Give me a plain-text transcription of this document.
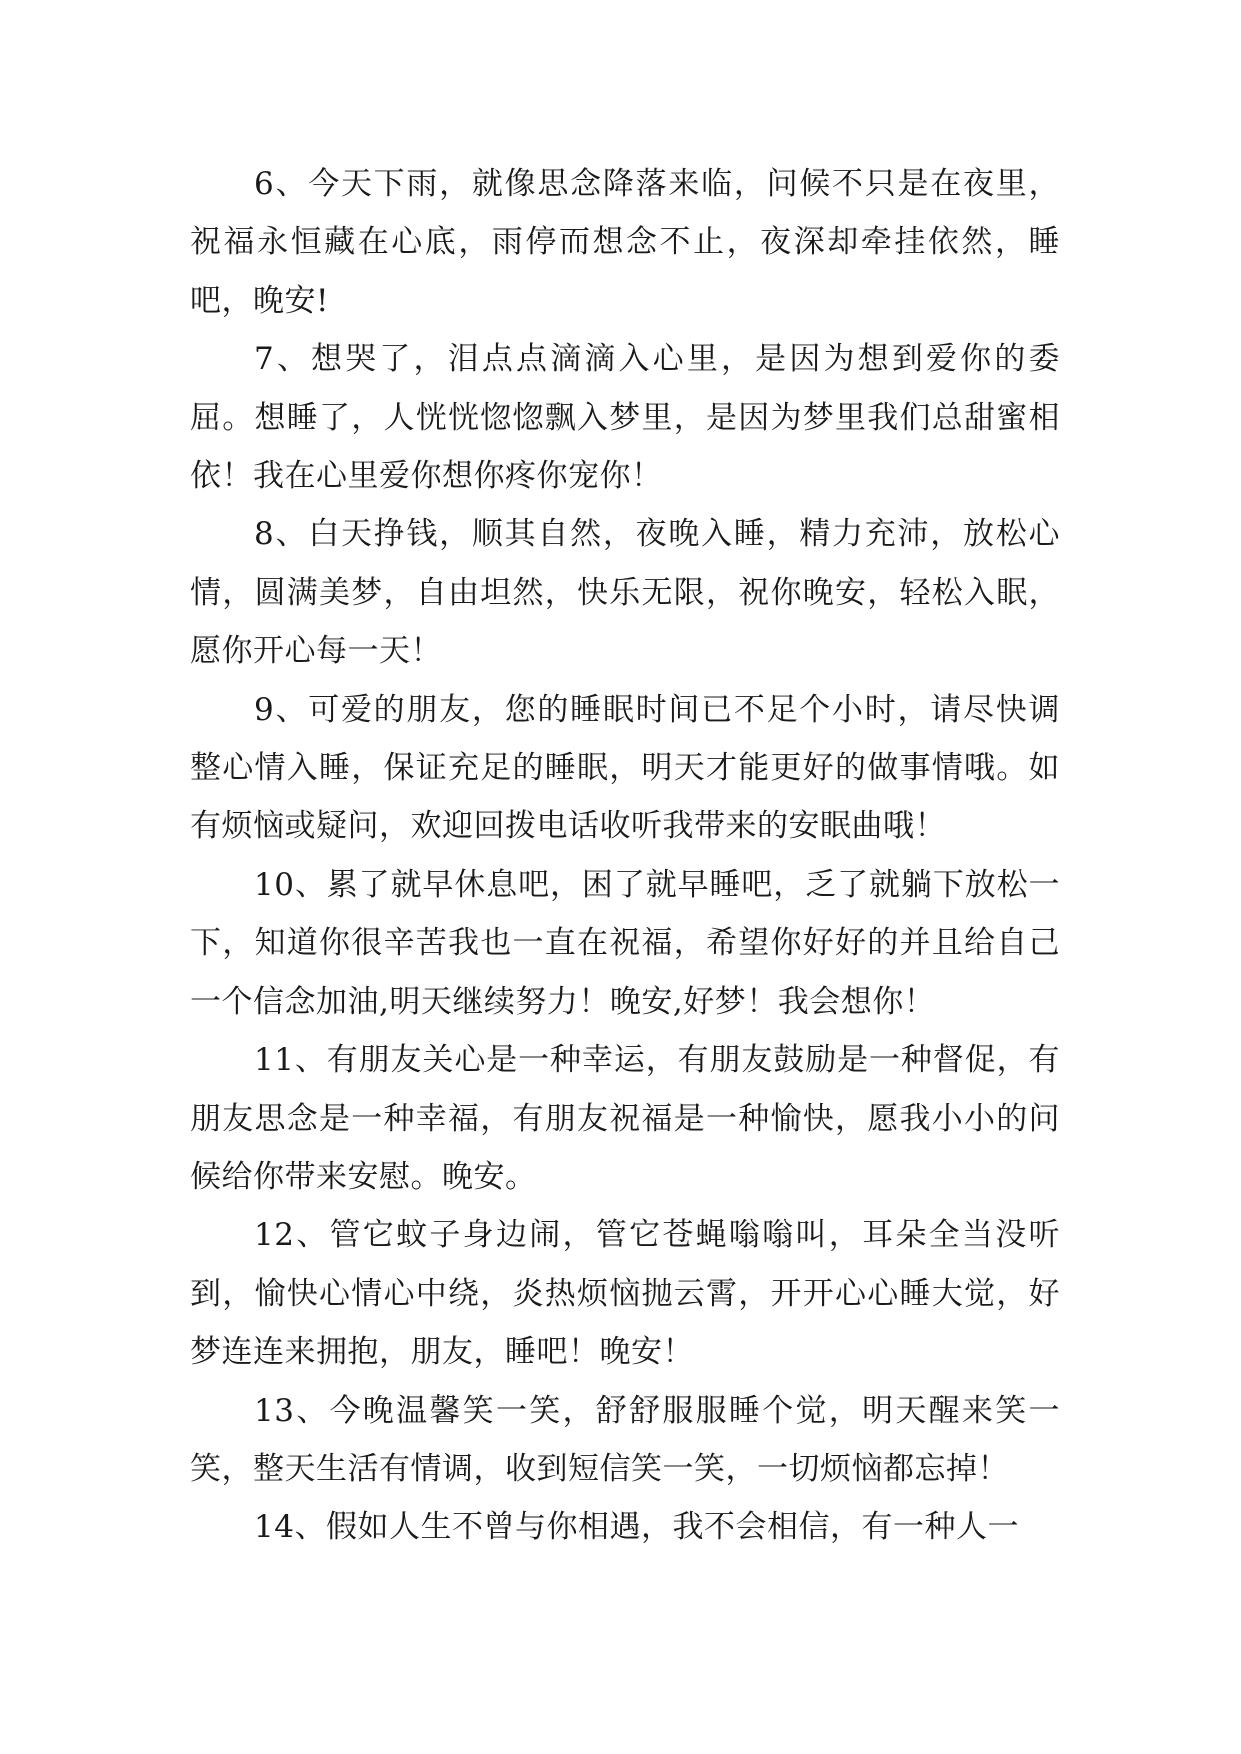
6、今天下雨，就像思念降落来临，问候不只是在夜里，祝福永恒藏在心底，雨停而想念不止，夜深却牵挂依然，睡吧，晚安!

7、想哭了，泪点点滴滴入心里，是因为想到爱你的委屈。想睡了，人恍恍惚惚飘入梦里，是因为梦里我们总甜蜜相依！我在心里爱你想你疼你宠你！

8、白天挣钱，顺其自然，夜晚入睡，精力充沛，放松心情，圆满美梦，自由坦然，快乐无限，祝你晚安，轻松入眠，愿你开心每一天！

9、可爱的朋友，您的睡眠时间已不足个小时，请尽快调整心情入睡，保证充足的睡眠，明天才能更好的做事情哦。如有烦恼或疑问，欢迎回拨电话收听我带来的安眠曲哦！

10、累了就早休息吧，困了就早睡吧，乏了就躺下放松一下，知道你很辛苦我也一直在祝福，希望你好好的并且给自己一个信念加油,明天继续努力！晚安,好梦！我会想你！

11、有朋友关心是一种幸运，有朋友鼓励是一种督促，有朋友思念是一种幸福，有朋友祝福是一种愉快，愿我小小的问候给你带来安慰。晚安。

12、管它蚊子身边闹，管它苍蝇嗡嗡叫，耳朵全当没听到，愉快心情心中绕，炎热烦恼抛云霄，开开心心睡大觉，好梦连连来拥抱，朋友，睡吧！晚安！

13、今晚温馨笑一笑，舒舒服服睡个觉，明天醒来笑一笑，整天生活有情调，收到短信笑一笑，一切烦恼都忘掉！

14、假如人生不曾与你相遇，我不会相信，有一种人一
